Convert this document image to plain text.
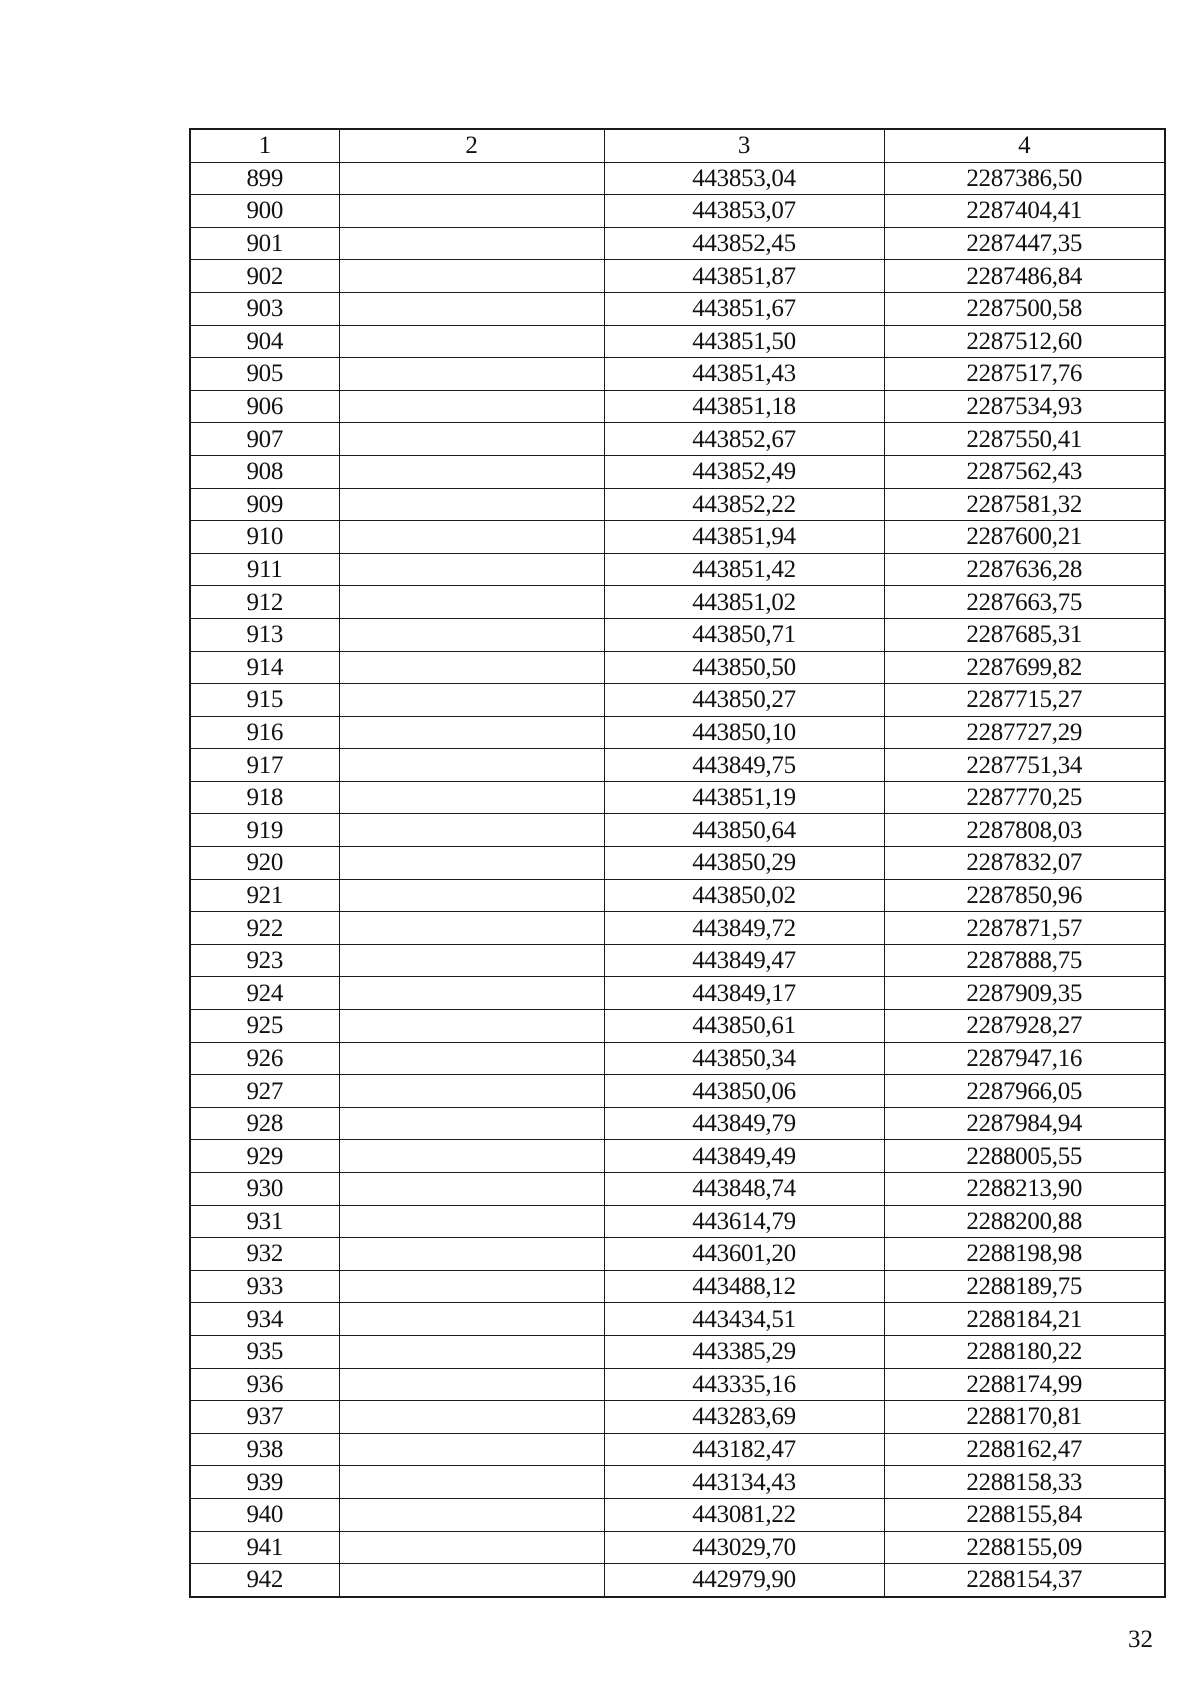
1	2	3	4
899		443853,04	2287386,50
900		443853,07	2287404,41
901		443852,45	2287447,35
902		443851,87	2287486,84
903		443851,67	2287500,58
904		443851,50	2287512,60
905		443851,43	2287517,76
906		443851,18	2287534,93
907		443852,67	2287550,41
908		443852,49	2287562,43
909		443852,22	2287581,32
910		443851,94	2287600,21
911		443851,42	2287636,28
912		443851,02	2287663,75
913		443850,71	2287685,31
914		443850,50	2287699,82
915		443850,27	2287715,27
916		443850,10	2287727,29
917		443849,75	2287751,34
918		443851,19	2287770,25
919		443850,64	2287808,03
920		443850,29	2287832,07
921		443850,02	2287850,96
922		443849,72	2287871,57
923		443849,47	2287888,75
924		443849,17	2287909,35
925		443850,61	2287928,27
926		443850,34	2287947,16
927		443850,06	2287966,05
928		443849,79	2287984,94
929		443849,49	2288005,55
930		443848,74	2288213,90
931		443614,79	2288200,88
932		443601,20	2288198,98
933		443488,12	2288189,75
934		443434,51	2288184,21
935		443385,29	2288180,22
936		443335,16	2288174,99
937		443283,69	2288170,81
938		443182,47	2288162,47
939		443134,43	2288158,33
940		443081,22	2288155,84
941		443029,70	2288155,09
942		442979,90	2288154,37
32
